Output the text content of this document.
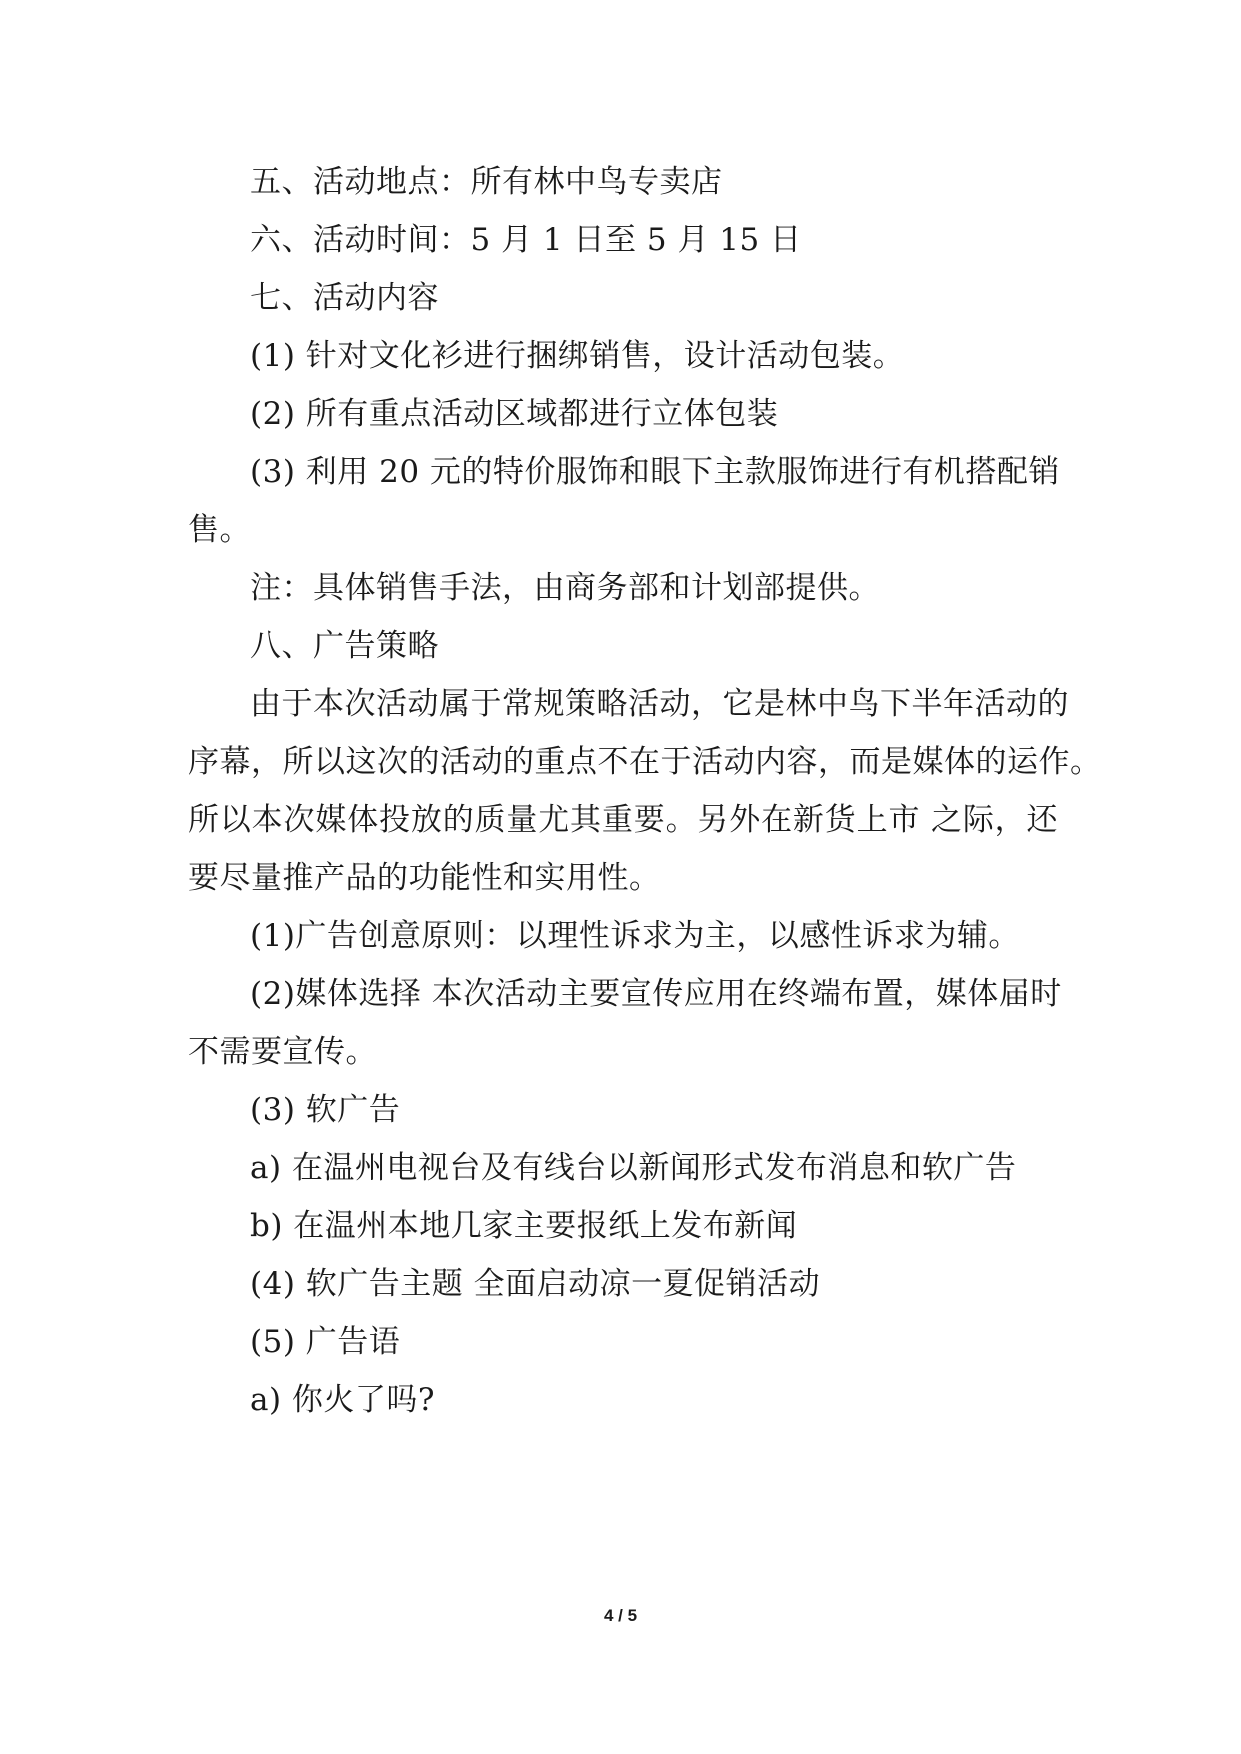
五、活动地点：所有林中鸟专卖店
六、活动时间：5 月 1 日至 5 月 15 日
七、活动内容
(1) 针对文化衫进行捆绑销售，设计活动包装。
(2) 所有重点活动区域都进行立体包装
(3) 利用 20 元的特价服饰和眼下主款服饰进行有机搭配销
售。
注：具体销售手法，由商务部和计划部提供。
八、广告策略
由于本次活动属于常规策略活动，它是林中鸟下半年活动的
序幕，所以这次的活动的重点不在于活动内容，而是媒体的运作。
所以本次媒体投放的质量尤其重要。另外在新货上市 之际，还
要尽量推产品的功能性和实用性。
(1)广告创意原则：以理性诉求为主，以感性诉求为辅。
(2)媒体选择 本次活动主要宣传应用在终端布置，媒体届时
不需要宣传。
(3) 软广告
a) 在温州电视台及有线台以新闻形式发布消息和软广告
b) 在温州本地几家主要报纸上发布新闻
(4) 软广告主题 全面启动凉一夏促销活动
(5) 广告语
a) 你火了吗?
4 / 5
